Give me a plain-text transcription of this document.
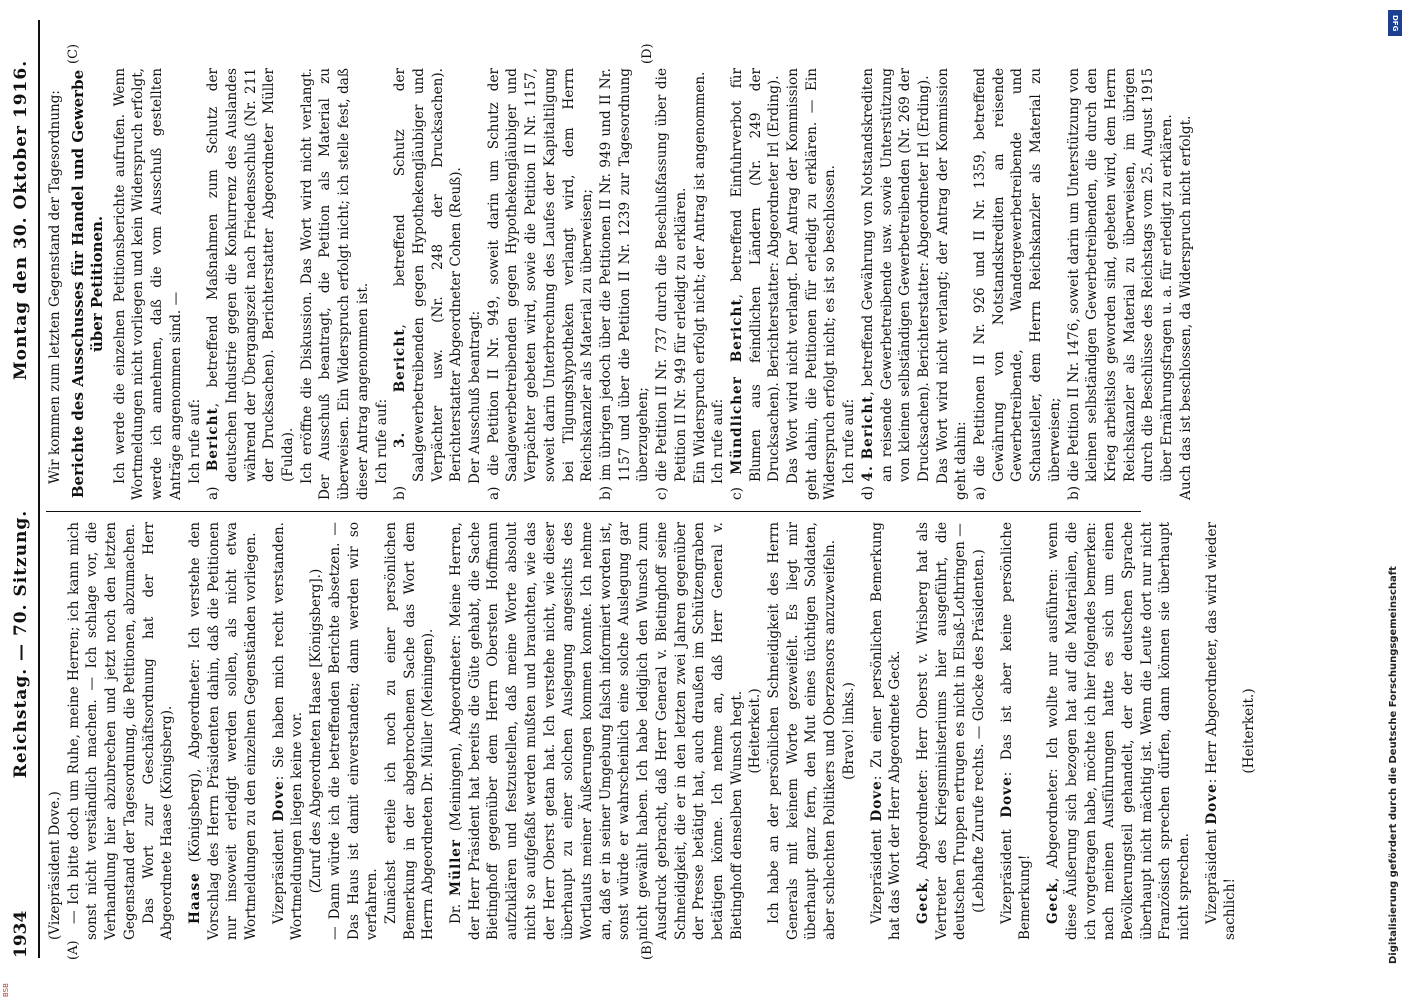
1934
Reichstag. — 70. Sitzung.
Montag den 30. Oktober 1916.
(A)	(B)
(C)	(D)

(Vizepräsident Dove.) — Ich bitte doch um Ruhe, meine Herren; ich kann mich sonst nicht verständlich machen. — Ich schlage vor, die Verhandlung hier abzubrechen und jetzt noch den letzten Gegenstand der Tagesordnung, die Petitionen, abzumachen. Das Wort zur Geschäftsordnung hat der Herr Abgeordnete Haase (Königsberg). Haase (Königsberg), Abgeordneter: Ich verstehe den Vorschlag des Herrn Präsidenten dahin, daß die Petitionen nur insoweit erledigt werden sollen, als nicht etwa Wortmeldungen zu den einzelnen Gegenständen vorliegen. Vizepräsident Dove: Sie haben mich recht verstanden. Wortmeldungen liegen keine vor. (Zuruf des Abgeordneten Haase [Königsberg].) — Dann würde ich die betreffenden Berichte absetzen. — Das Haus ist damit einverstanden; dann werden wir so verfahren. Zunächst erteile ich noch zu einer persönlichen Bemerkung in der abgebrochenen Sache das Wort dem Herrn Abgeordneten Dr. Müller (Meiningen). Dr. Müller (Meiningen), Abgeordneter: Meine Herren, der Herr Präsident hat bereits die Güte gehabt, die Sache Bietinghoff gegenüber dem Herrn Obersten Hoffmann aufzuklären und festzustellen, daß meine Worte absolut nicht so aufgefaßt werden mußten und brauchten, wie das der Herr Oberst getan hat. Ich verstehe nicht, wie dieser überhaupt zu einer solchen Auslegung angesichts des Wortlauts meiner Äußerungen kommen konnte. Ich nehme an, daß er in seiner Umgebung falsch informiert worden ist, sonst würde er wahrscheinlich eine solche Auslegung gar nicht gewählt haben. Ich habe lediglich den Wunsch zum Ausdruck gebracht, daß Herr General v. Bietinghoff seine Schneidigkeit, die er in den letzten zwei Jahren gegenüber der Presse betätigt hat, auch draußen im Schützengraben betätigen könne. Ich nehme an, daß Herr General v. Bietinghoff denselben Wunsch hegt. (Heiterkeit.) Ich habe an der persönlichen Schneidigkeit des Herrn Generals mit keinem Worte gezweifelt. Es liegt mir überhaupt ganz fern, den Mut eines tüchtigen Soldaten, aber schlechten Politikers und Oberzensors anzuzweifeln. (Bravo! links.)

Vizepräsident Dove: Zu einer persönlichen Bemerkung hat das Wort der Herr Abgeordnete Geck. Geck, Abgeordneter: Herr Oberst v. Wrisberg hat als Vertreter des Kriegsministeriums hier ausgeführt, die deutschen Truppen ertrugen es nicht in Elsaß-Lothringen — (Lebhafte Zurufe rechts. — Glocke des Präsidenten.) Vizepräsident Dove: Das ist aber keine persönliche Bemerkung! Geck, Abgeordneter: Ich wollte nur ausführen: wenn diese Äußerung sich bezogen hat auf die Materialien, die ich vorgetragen habe, möchte ich hier folgendes bemerken: nach meinen Ausführungen hatte es sich um einen Bevölkerungsteil gehandelt, der der deutschen Sprache überhaupt nicht mächtig ist. Wenn die Leute dort nur nicht Französisch sprechen dürfen, dann können sie überhaupt nicht sprechen. Vizepräsident Dove: Herr Abgeordneter, das wird wieder sachlich!

(Heiterkeit.)

Wir kommen zum letzten Gegenstand der Tagesordnung: Berichte des Ausschusses für Handel und Gewerbe über Petitionen. Ich werde die einzelnen Petitionsberichte aufrufen. Wenn Wortmeldungen nicht vorliegen und kein Widerspruch erfolgt, werde ich annehmen, daß die vom Ausschuß gestellten Anträge angenommen sind. — Ich rufe auf:

a) Bericht, betreffend Maßnahmen zum Schutz der deutschen Industrie gegen die Konkurrenz des Auslandes während der Übergangszeit nach Friedensschluß (Nr. 211 der Drucksachen). Berichterstatter Abgeordneter Müller (Fulda). Ich eröffne die Diskussion. Das Wort wird nicht verlangt. Der Ausschuß beantragt, die Petition als Material zu überweisen. Ein Widerspruch erfolgt nicht; ich stelle fest, daß dieser Antrag angenommen ist. Ich rufe auf: b) 3. Bericht, betreffend Schutz der Saalgewerbetreibenden gegen Hypothekengläubiger und Verpächter usw. (Nr. 248 der Drucksachen). Berichterstatter Abgeordneter Cohen (Reuß). Der Ausschuß beantragt: a) die Petition II Nr. 949, soweit darin um Schutz der Saalgewerbetreibenden gegen Hypothekengläubiger und Verpächter gebeten wird, sowie die Petition II Nr. 1157, soweit darin Unterbrechung des Laufes der Kapitaltilgung bei Tilgungshypotheken verlangt wird, dem Herrn Reichskanzler als Material zu überweisen; b) im übrigen jedoch über die Petitionen II Nr. 949 und II Nr. 1157 und über die Petition II Nr. 1239 zur Tagesordnung überzugehen; c) die Petition II Nr. 737 durch die Beschlußfassung über die Petition II Nr. 949 für erledigt zu erklären. Ein Widerspruch erfolgt nicht; der Antrag ist angenommen. Ich rufe auf:

c) Mündlicher Bericht, betreffend Einfuhrverbot für Blumen aus feindlichen Ländern (Nr. 249 der Drucksachen). Berichterstatter: Abgeordneter Irl (Erding). Das Wort wird nicht verlangt. Der Antrag der Kommission geht dahin, die Petitionen für erledigt zu erklären. — Ein Widerspruch erfolgt nicht; es ist so beschlossen. Ich rufe auf:

d) 4. Bericht, betreffend Gewährung von Notstandskrediten an reisende Gewerbetreibende usw. sowie Unterstützung von kleinen selbständigen Gewerbetreibenden (Nr. 269 der Drucksachen). Berichterstatter: Abgeordneter Irl (Erding). Das Wort wird nicht verlangt; der Antrag der Kommission geht dahin: a) die Petitionen II Nr. 926 und II Nr. 1359, betreffend Gewährung von Notstandskrediten an reisende Gewerbetreibende, Wandergewerbetreibende und Schausteller, dem Herrn Reichskanzler als Material zu überweisen; b) die Petition II Nr. 1476, soweit darin um Unterstützung von kleinen selbständigen Gewerbetreibenden, die durch den Krieg arbeitslos geworden sind, gebeten wird, dem Herrn Reichskanzler als Material zu überweisen, im übrigen durch die Beschlüsse des Reichstags vom 25. August 1915 über Ernährungsfragen u. a. für erledigt zu erklären. Auch das ist beschlossen, da Widerspruch nicht erfolgt.

DFG
Digitalisierung gefördert durch die Deutsche Forschungsgemeinschaft
BSB
